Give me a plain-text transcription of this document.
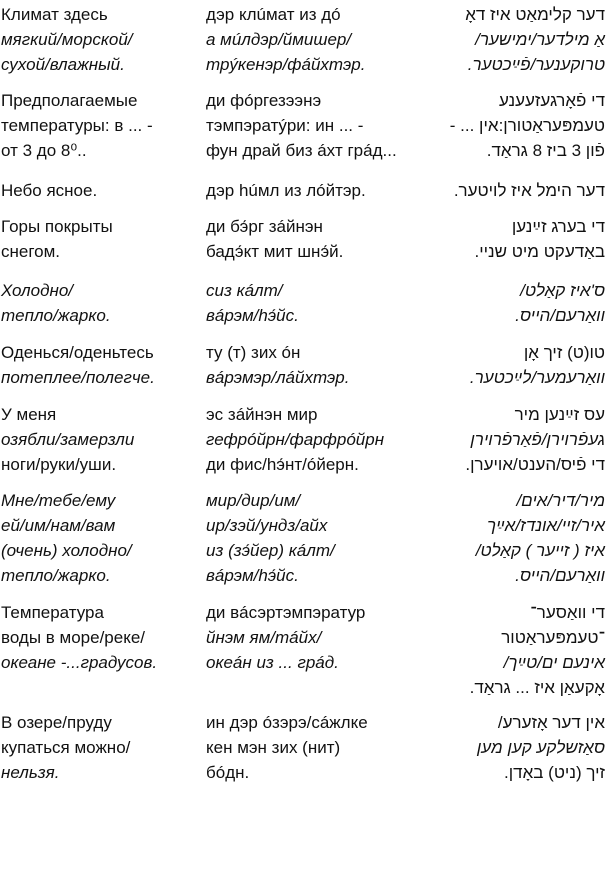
Климат здесь
мягкий/морской/
сухой/влажный.
дэр клúмат из дó
а мúлдэр/ймишер/
трýкенэр/фáйхтэр.
דער קלימאַט איז דאָ
אַ מילדער/ימישער/
טרוקענער/פֿײַכטער.
Предполагаемые
температуры: в ... -
от 3 до 8⁰..
ди фóргезээнэ
тэмпэратýри: ин ... -
фун драй биз áхт грáд...
די פֿאָרגעזעענע
טעמפּעראַטורן:אין ... -
פֿון 3 ביז 8 גראַד.
Небо ясное.	дэр húмл из лóйтэр.	דער הימל איז לויטער.
Горы покрыты
снегом.
ди бэ́рг зáйнэн
бадэ́кт мит шнэ́й.
די בערג זײַנען
באַדעקט מיט שניי.
Холодно/
тепло/жарко.
сиз кáлт/
вáрэм/hэ́йс.
ס'איז קאַלט/
וואַרעם/הייס.
Оденься/оденьтесь
потеплее/полегче.
ту (т) зих óн
вáрэмэр/лáйхтэр.
טו(ט) זיך אָן
וואַרעמער/לײַכטער.
У меня
озябли/замерзли
ноги/руки/уши.
эс зáйнэн мир
гефрóйрн/фарфрóйрн
ди фис/hэ́нт/óйерн.
עס זײַנען מיר
געפֿרוירן/פֿאַרפֿרוירן
די פֿיס/הענט/אויערן.
Мне/тебе/ему
ей/им/нам/вам
(очень) холодно/
тепло/жарко.
мир/дир/им/
ир/зэй/ундз/айх
из (зэ́йер) кáлт/
вáрэм/hэ́йс.
מיר/דיר/אים/
איר/זיי/אונדז/אײַך
איז ( זייער ) קאַלט/
וואַרעם/הייס.
Температура
воды в море/реке/
океане -...градусов.
ди вáсэртэмпэратур
йнэм ям/тáйх/
океáн из ... грáд.
די וואַסער־
־טעמפּעראַטור
אינעם ים/טײַך/
אָקעאַן איז ... גראַד.
В озере/пруду
купаться можно/
нельзя.
ин дэр óзэрэ/сáжлке
кен мэн зих (нит)
бóдн.
אין דער אָזערע/
סאַזשלקע קען מען
זיך (ניט) באָדן.
